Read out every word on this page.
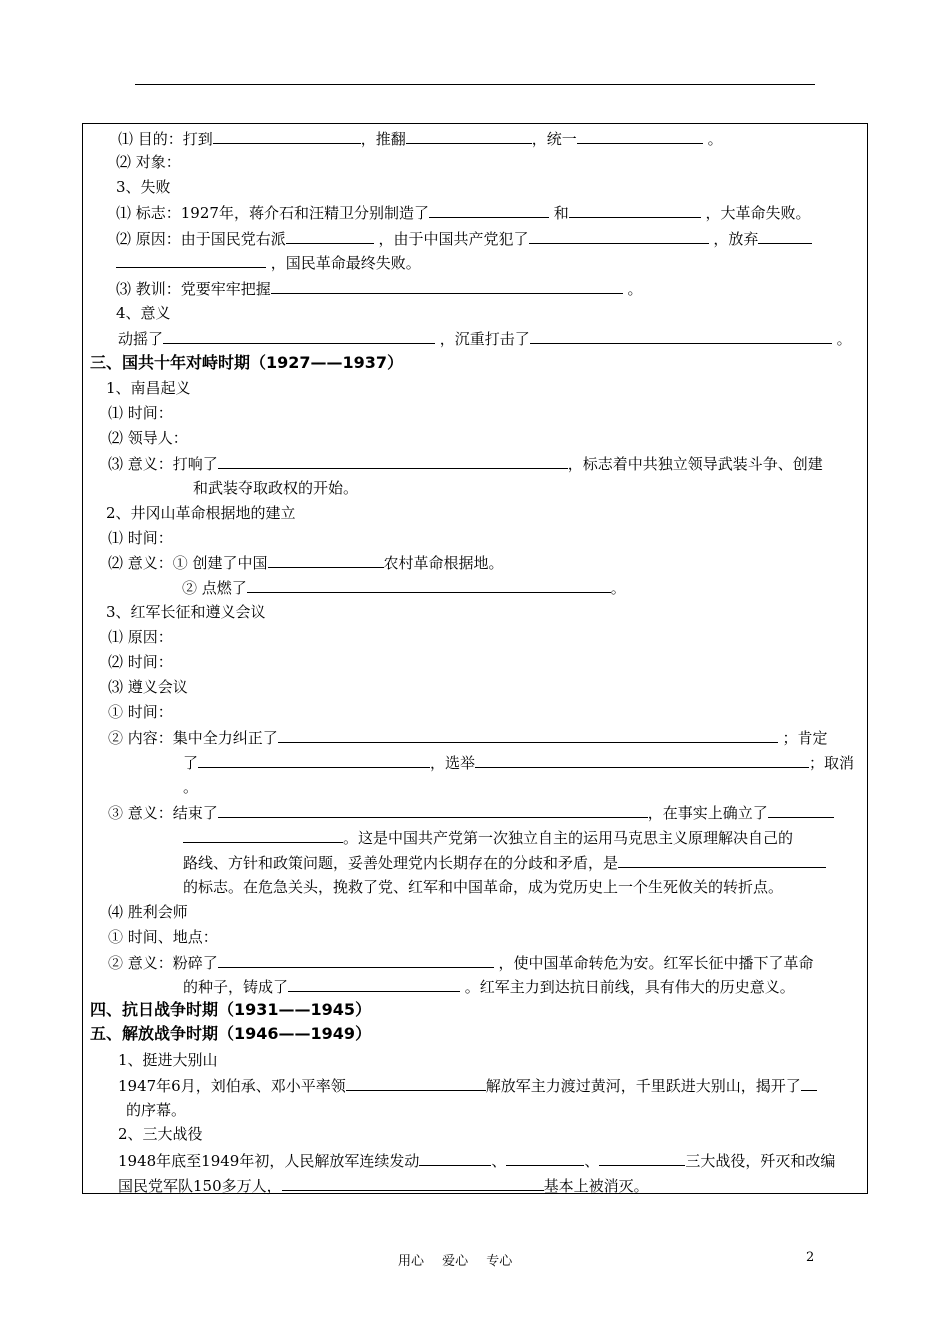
⑴ 目的：打到	，推翻	，统一	。
⑵ 对象：
3、失败
⑴ 标志：1927年，蒋介石和汪精卫分别制造了	和	，大革命失败。
⑵ 原因：由于国民党右派	，由于中国共产党犯了	，放弃
，国民革命最终失败。
⑶ 教训：党要牢牢把握	。
4、意义
动摇了	，沉重打击了	。
三、国共十年对峙时期（1927——1937）
1、南昌起义
⑴ 时间：
⑵ 领导人：
⑶ 意义：打响了	，标志着中共独立领导武装斗争、创建
和武装夺取政权的开始。
2、井冈山革命根据地的建立
⑴ 时间：
⑵ 意义：① 创建了中国	农村革命根据地。
② 点燃了	。
3、红军长征和遵义会议
⑴ 原因：
⑵ 时间：
⑶ 遵义会议
① 时间：
② 内容：集中全力纠正了	；肯定
了	，选举	；取消
。
③ 意义：结束了	，在事实上确立了
。这是中国共产党第一次独立自主的运用马克思主义原理解决自己的
路线、方针和政策问题，妥善处理党内长期存在的分歧和矛盾，是
的标志。在危急关头，挽救了党、红军和中国革命，成为党历史上一个生死攸关的转折点。
⑷ 胜利会师
① 时间、地点：
② 意义：粉碎了	，使中国革命转危为安。红军长征中播下了革命
的种子，铸成了	。红军主力到达抗日前线，具有伟大的历史意义。
四、抗日战争时期（1931——1945）
五、解放战争时期（1946——1949）
1、挺进大别山
1947年6月，刘伯承、邓小平率领	解放军主力渡过黄河，千里跃进大别山，揭开了
的序幕。
2、三大战役
1948年底至1949年初，人民解放军连续发动	、	、	三大战役，歼灭和改编
国民党军队150多万人，	基本上被消灭。
用心 爱心 专心	2
